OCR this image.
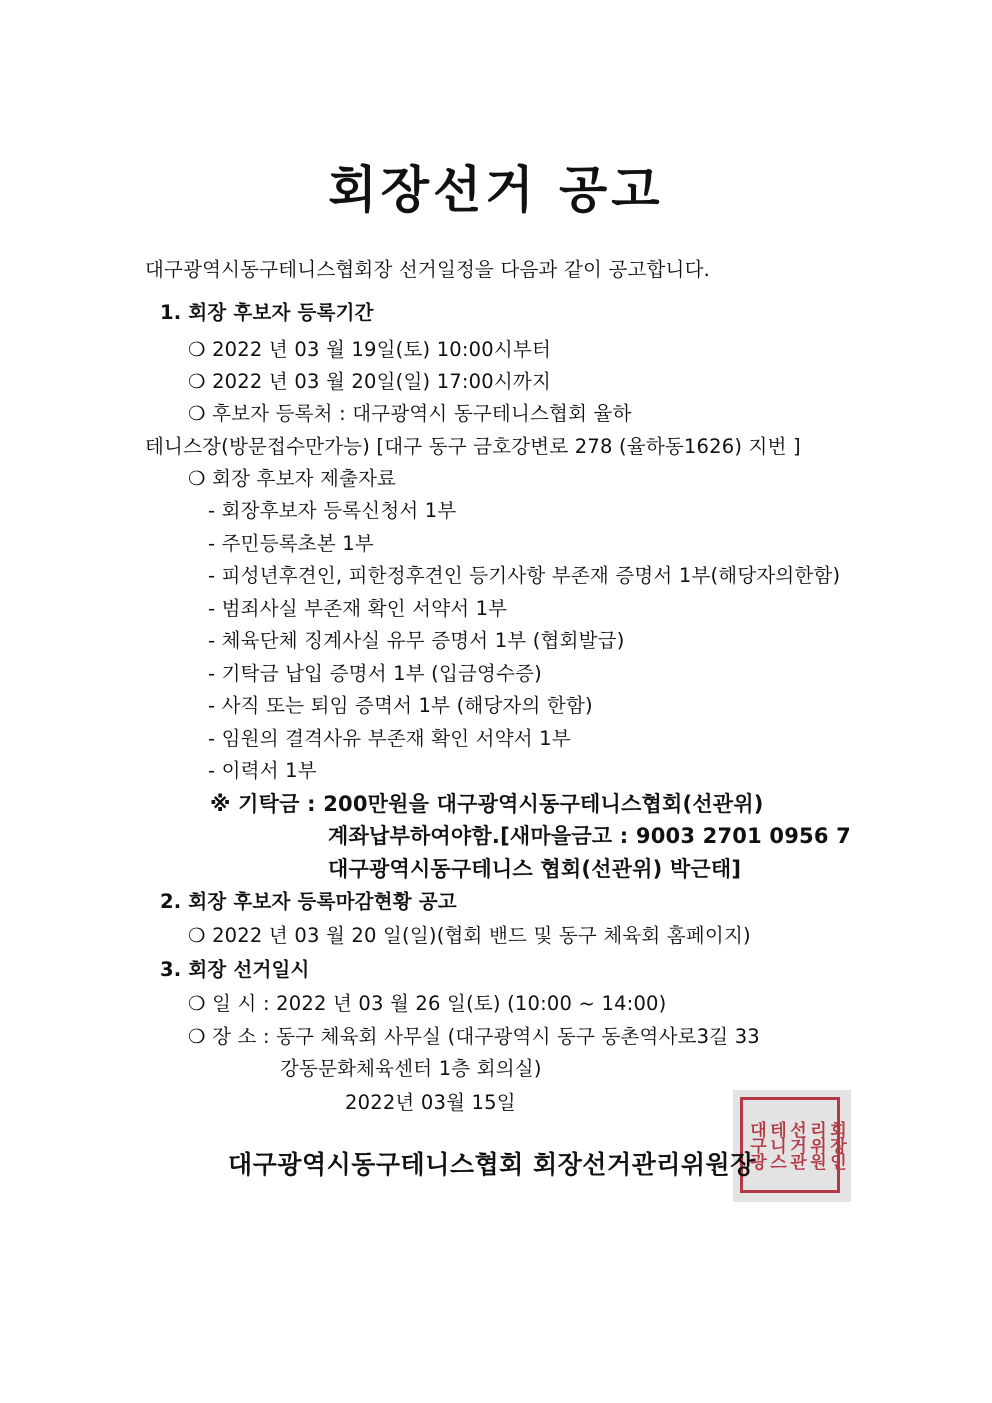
회장선거 공고
대구광역시동구테니스협회장 선거일정을 다음과 같이 공고합니다.
1. 회장 후보자 등록기간
❍ 2022 년 03 월 19일(토) 10:00시부터
❍ 2022 년 03 월 20일(일) 17:00시까지
❍ 후보자 등록처 : 대구광역시 동구테니스협회 율하
테니스장(방문접수만가능) [대구 동구 금호강변로 278 (율하동1626) 지번 ]
❍ 회장 후보자 제출자료
- 회장후보자 등록신청서 1부
- 주민등록초본 1부
- 피성년후견인, 피한정후견인 등기사항 부존재 증명서 1부(해당자의한함)
- 범죄사실 부존재 확인 서약서 1부
- 체육단체 징계사실 유무 증명서 1부 (협회발급)
- 기탁금 납입 증명서 1부 (입금영수증)
- 사직 또는 퇴임 증멱서 1부 (해당자의 한함)
- 임원의 결격사유 부존재 확인 서약서 1부
- 이력서 1부
※ 기탁금 : 200만원을 대구광역시동구테니스협회(선관위)
계좌납부하여야함.[새마을금고 : 9003 2701 0956 7
대구광역시동구테니스 협회(선관위) 박근태]
2. 회장 후보자 등록마감현황 공고
❍ 2022 년 03 월 20 일(일)(협회 밴드 및 동구 체육회 홈페이지)
3. 회장 선거일시
❍ 일 시 : 2022 년 03 월 26 일(토) (10:00 ~ 14:00)
❍ 장 소 : 동구 체육회 사무실 (대구광역시 동구 동촌역사로3길 33
강동문화체육센터 1층 회의실)
2022년 03월 15일
대구광 테니스 선거관 리위원 회장인
대구광역시동구테니스협회 회장선거관리위원장
